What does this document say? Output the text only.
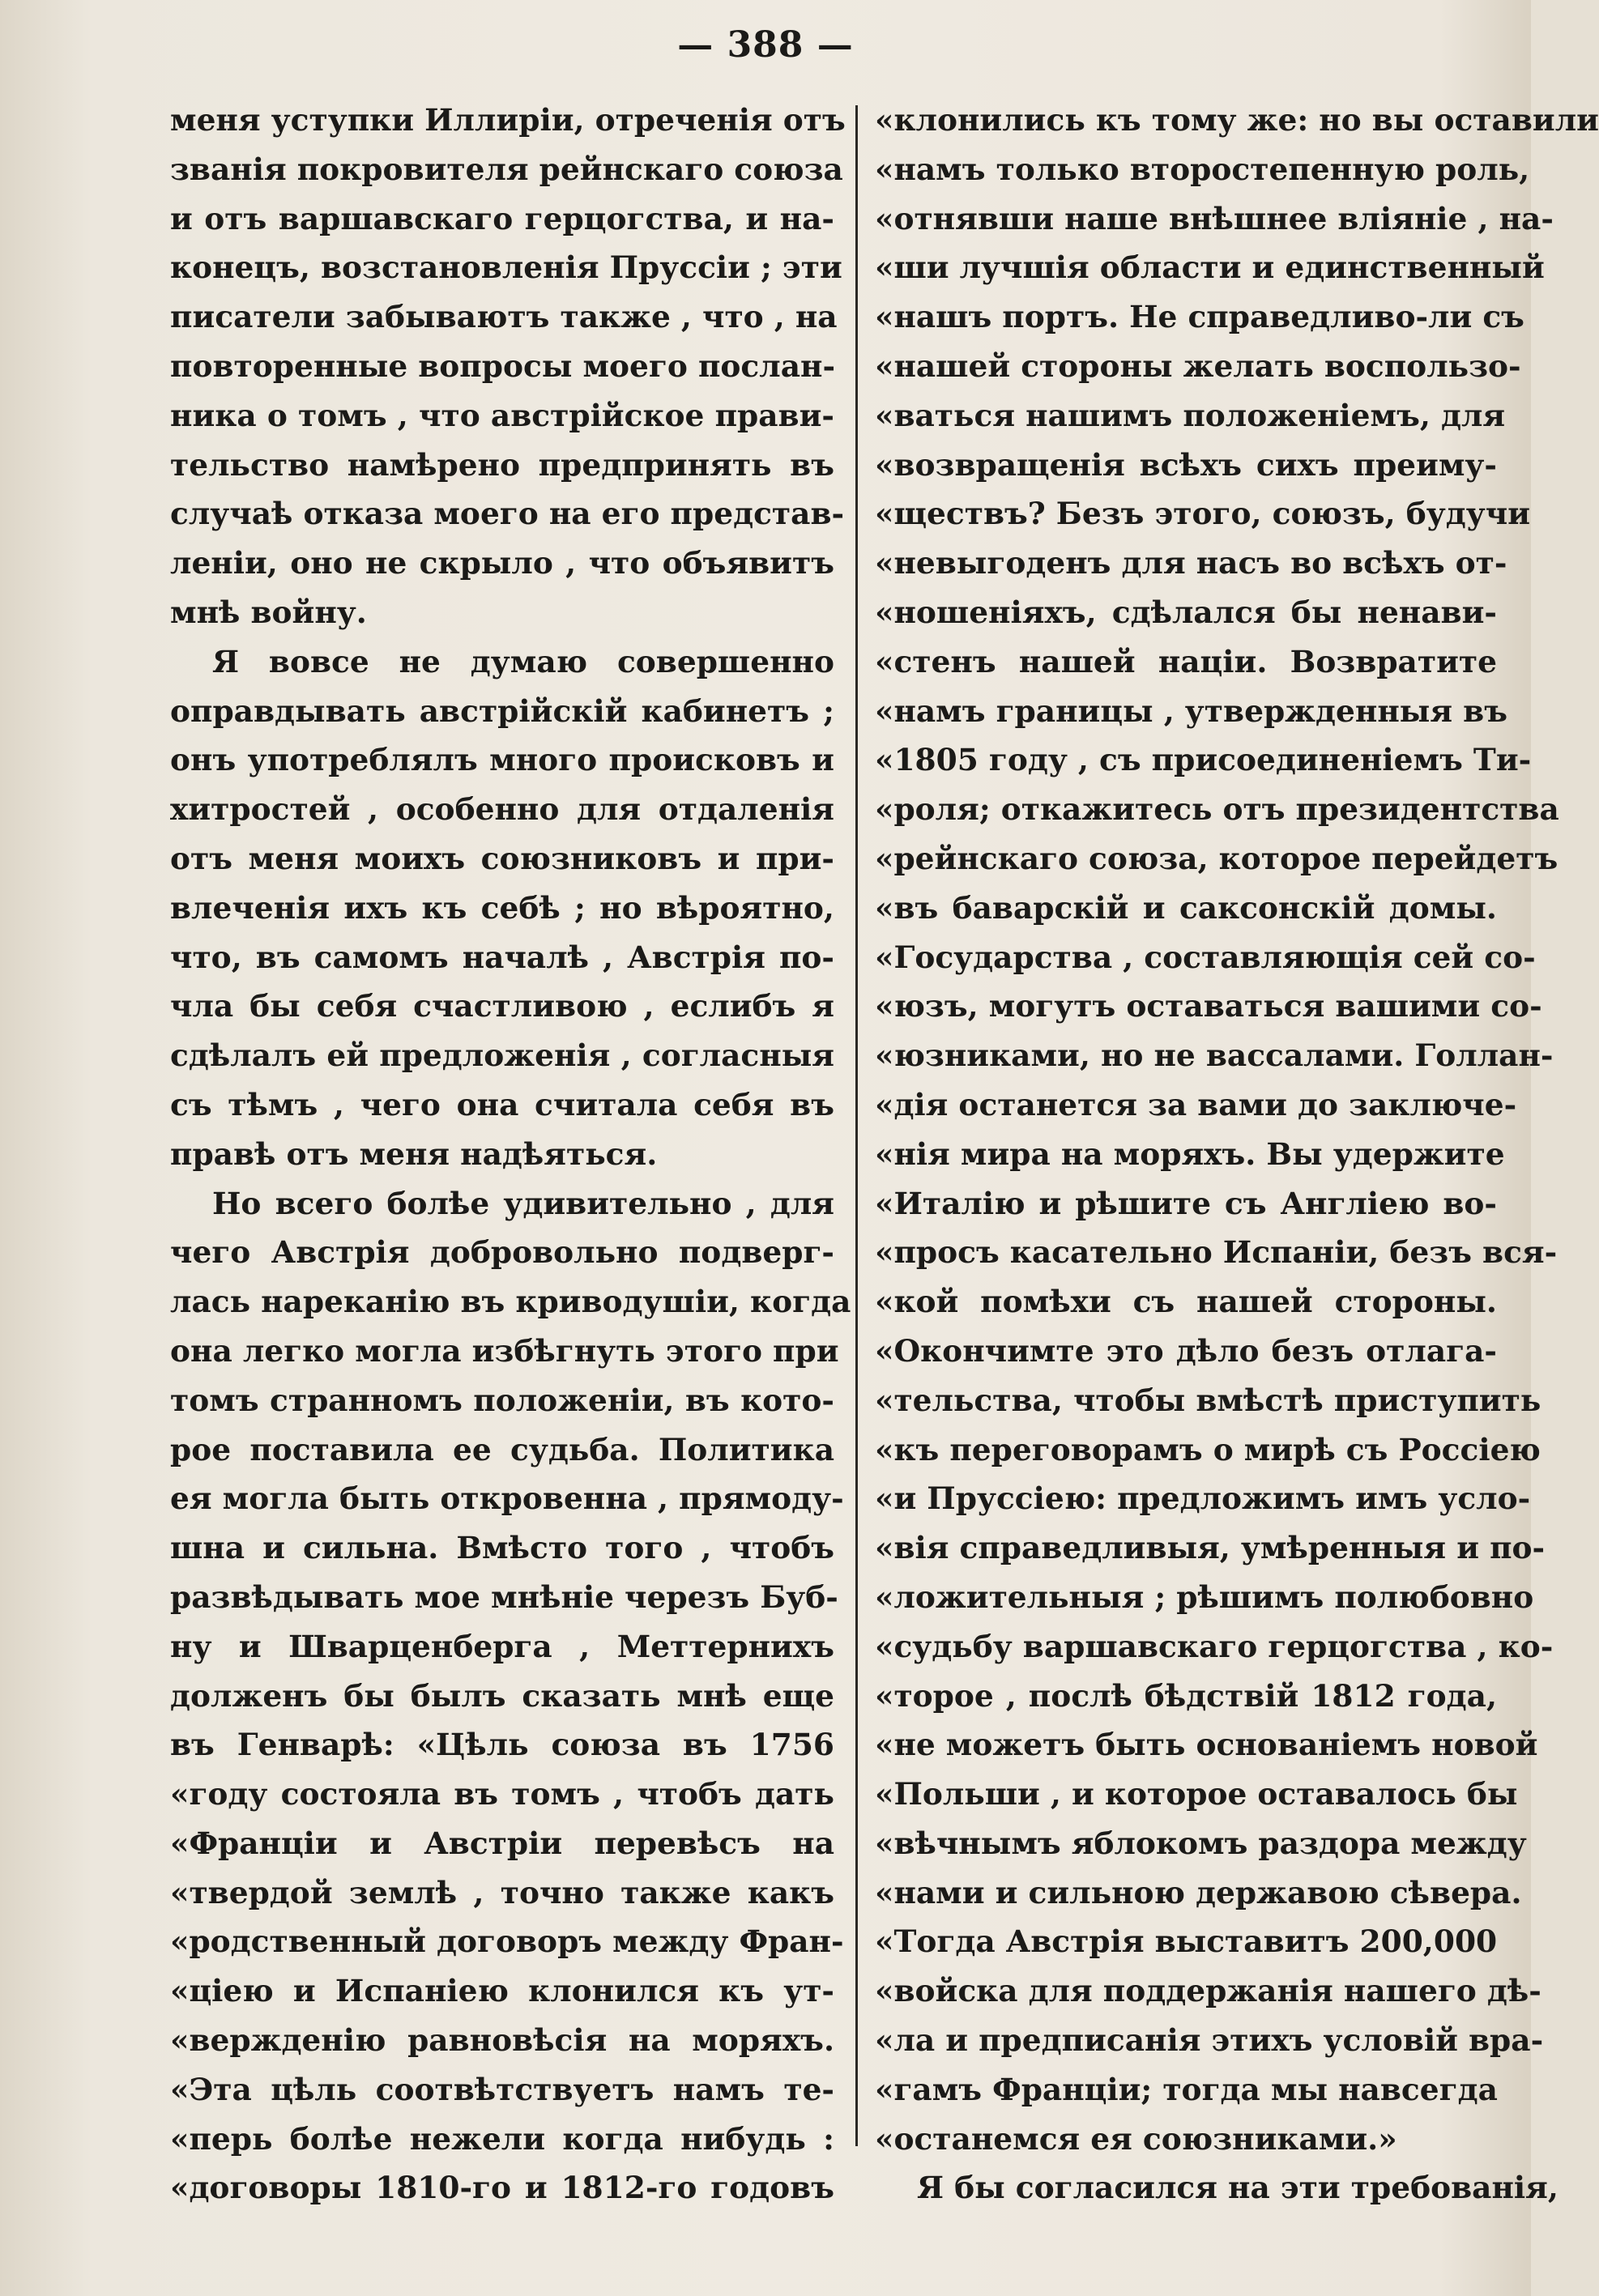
— 388 —
меня уступки Иллиріи, отреченія отъ
званія покровителя рейнскаго союза
и отъ варшавскаго герцогства, и на-
конецъ, возстановленія Пруссіи ; эти
писатели забываютъ также , что , на
повторенные вопросы моего послан-
ника о томъ , что австрійское прави-
тельство намѣрено предпринять въ
случаѣ отказа моего на его представ-
леніи, оно не скрыло , что объявитъ
мнѣ войну.
Я вовсе не думаю совершенно
оправдывать австрійскій кабинетъ ;
онъ употреблялъ много происковъ и
хитростей , особенно для отдаленія
отъ меня моихъ союзниковъ и при-
влеченія ихъ къ себѣ ; но вѣроятно,
что, въ самомъ началѣ , Австрія по-
чла бы себя счастливою , еслибъ я
сдѣлалъ ей предложенія , согласныя
съ тѣмъ , чего она считала себя въ
правѣ отъ меня надѣяться.
Но всего болѣе удивительно , для
чего Австрія добровольно подверг-
лась нареканію въ криводушіи, когда
она легко могла избѣгнуть этого при
томъ странномъ положеніи, въ кото-
рое поставила ее судьба. Политика
ея могла быть откровенна , прямоду-
шна и сильна. Вмѣсто того , чтобъ
развѣдывать мое мнѣніе черезъ Буб-
ну и Шварценберга , Меттернихъ
долженъ бы былъ сказать мнѣ еще
въ Генварѣ: «Цѣль союза въ 1756
«году состояла въ томъ , чтобъ дать
«Франціи и Австріи перевѣсъ на
«твердой землѣ , точно также какъ
«родственный договоръ между Фран-
«ціею и Испаніею клонился къ ут-
«вержденію равновѣсія на моряхъ.
«Эта цѣль соотвѣтствуетъ намъ те-
«перь болѣе нежели когда нибудь :
«договоры 1810-го и 1812-го годовъ
«клонились къ тому же: но вы оставили
«намъ только второстепенную роль,
«отнявши наше внѣшнее вліяніе , на-
«ши лучшія области и единственный
«нашъ портъ. Не справедливо-ли съ
«нашей стороны желать воспользо-
«ваться нашимъ положеніемъ, для
«возвращенія всѣхъ сихъ преиму-
«ществъ? Безъ этого, союзъ, будучи
«невыгоденъ для насъ во всѣхъ от-
«ношеніяхъ, сдѣлался бы ненави-
«стенъ нашей націи. Возвратите
«намъ границы , утвержденныя въ
«1805 году , съ присоединеніемъ Ти-
«роля; откажитесь отъ президентства
«рейнскаго союза, которое перейдетъ
«въ баварскій и саксонскій домы.
«Государства , составляющія сей со-
«юзъ, могутъ оставаться вашими со-
«юзниками, но не вассалами. Голлан-
«дія останется за вами до заключе-
«нія мира на моряхъ. Вы удержите
«Италію и рѣшите съ Англіею во-
«просъ касательно Испаніи, безъ вся-
«кой помѣхи съ нашей стороны.
«Окончимте это дѣло безъ отлага-
«тельства, чтобы вмѣстѣ приступить
«къ переговорамъ о мирѣ съ Россіею
«и Пруссіею: предложимъ имъ усло-
«вія справедливыя, умѣренныя и по-
«ложительныя ; рѣшимъ полюбовно
«судьбу варшавскаго герцогства , ко-
«торое , послѣ бѣдствій 1812 года,
«не можетъ быть основаніемъ новой
«Польши , и которое оставалось бы
«вѣчнымъ яблокомъ раздора между
«нами и сильною державою сѣвера.
«Тогда Австрія выставитъ 200,000
«войска для поддержанія нашего дѣ-
«ла и предписанія этихъ условій вра-
«гамъ Франціи; тогда мы навсегда
«останемся ея союзниками.»
Я бы согласился на эти требованія,
